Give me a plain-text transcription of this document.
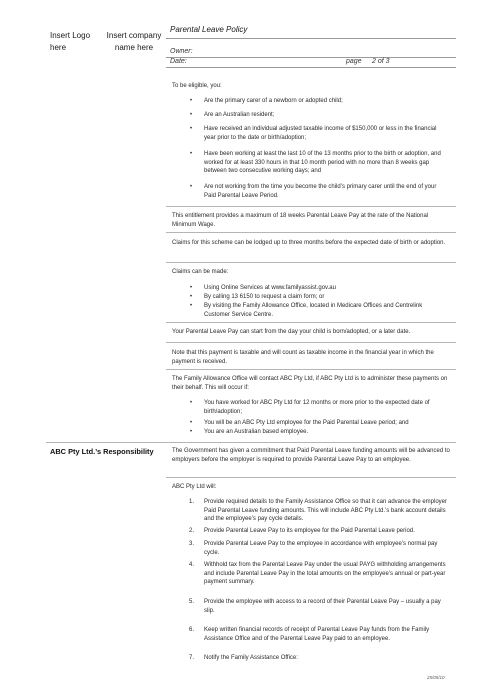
Insert Logo here
Insert company name here
Parental Leave Policy
Owner:
Date:	page 2 of 3
To be eligible, you:
• Are the primary carer of a newborn or adopted child;
• Are an Australian resident;
• Have received an individual adjusted taxable income of $150,000 or less in the financial year prior to the date or birth/adoption;
• Have been working at least the last 10 of the 13 months prior to the birth or adoption, and worked for at least 330 hours in that 10 month period with no more than 8 weeks gap between two consecutive working days; and
• Are not working from the time you become the child’s primary carer until the end of your Paid Parental Leave Period.
This entitlement provides a maximum of 18 weeks Parental Leave Pay at the rate of the National Minimum Wage.
Claims for this scheme can be lodged up to three months before the expected date of birth or adoption.
Claims can be made:
• Using Online Services at www.familyassist.gov.au
• By calling 13 6150 to request a claim form; or
• By visiting the Family Allowance Office, located in Medicare Offices and Centrelink Customer Service Centre.
Your Parental Leave Pay can start from the day your child is born/adopted, or a later date.
Note that this payment is taxable and will count as taxable income in the financial year in which the payment is received.
The Family Allowance Office will contact ABC Pty Ltd, if ABC Pty Ltd is to administer these payments on their behalf. This will occur if:
• You have worked for ABC Pty Ltd for 12 months or more prior to the expected date of birth/adoption;
• You will be an ABC Pty Ltd employee for the Paid Parental Leave period; and
• You are an Australian based employee.
ABC Pty Ltd.’s Responsibility	The Government has given a commitment that Paid Parental Leave funding amounts will be advanced to employers before the employer is required to provide Parental Leave Pay to an employee.
ABC Pty Ltd will:
1. Provide required details to the Family Assistance Office so that it can advance the employer Paid Parental Leave funding amounts. This will include ABC Pty Ltd.’s bank account details and the employee’s pay cycle details.
2. Provide Parental Leave Pay to its employee for the Paid Parental Leave period.
3. Provide Parental Leave Pay to the employee in accordance with employee’s normal pay cycle.
4. Withhold tax from the Parental Leave Pay under the usual PAYG withholding arrangements and include Parental Leave Pay in the total amounts on the employee’s annual or part-year payment summary.
5. Provide the employee with access to a record of their Parental Leave Pay – usually a pay slip.
6. Keep written financial records of receipt of Parental Leave Pay funds from the Family Assistance Office and of the Parental Leave Pay paid to an employee.
7. Notify the Family Assistance Office:
25/05/10
